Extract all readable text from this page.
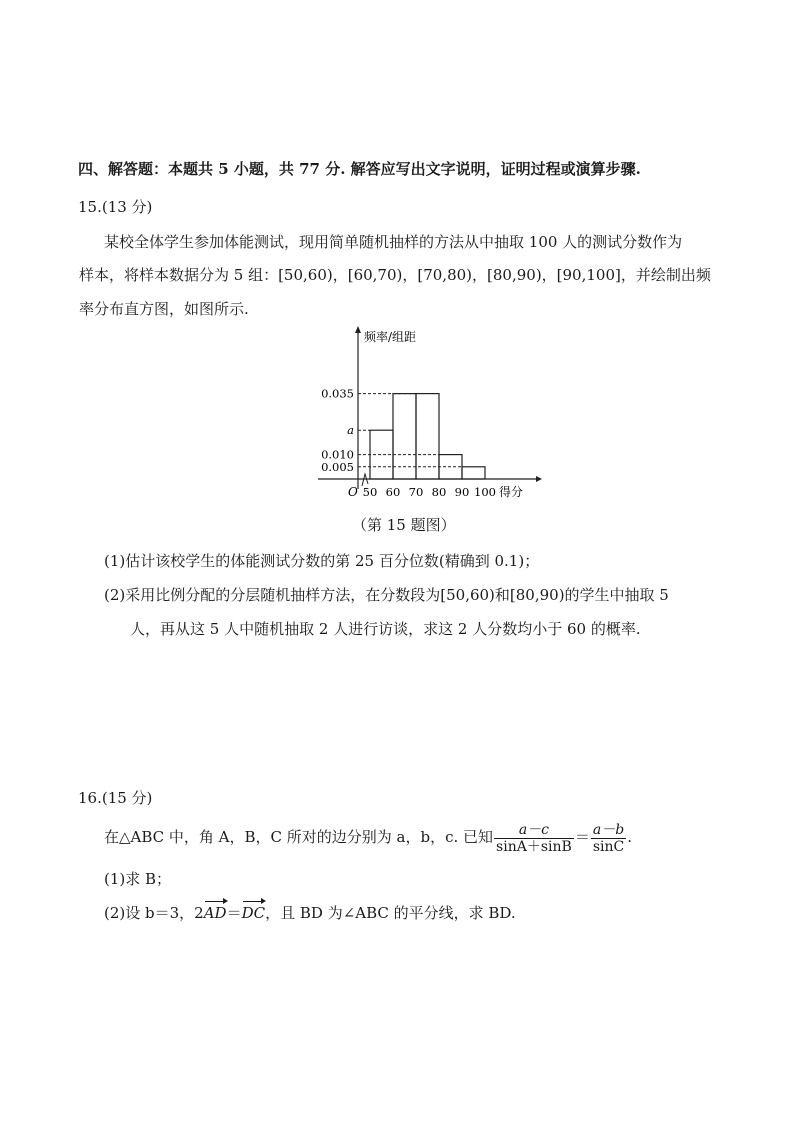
四、解答题：本题共 5 小题，共 77 分. 解答应写出文字说明，证明过程或演算步骤.
15.(13 分)
某校全体学生参加体能测试，现用简单随机抽样的方法从中抽取 100 人的测试分数作为
样本，将样本数据分为 5 组：[50,60)，[60,70)，[70,80)，[80,90)，[90,100]，并绘制出频
率分布直方图，如图所示.
频率/组距
0.035
a
0.010
0.005
O 50 60 70 80 90 100 得分
（第 15 题图）
(1)估计该校学生的体能测试分数的第 25 百分位数(精确到 0.1)；
(2)采用比例分配的分层随机抽样方法，在分数段为[50,60)和[80,90)的学生中抽取 5
人，再从这 5 人中随机抽取 2 人进行访谈，求这 2 人分数均小于 60 的概率.
16.(15 分)
在△ABC 中，角 A，B，C 所对的边分别为 a，b，c. 已知 $\frac{a-c}{\sin A+\sin B} = \frac{a-b}{\sin C}$ .
(1)求 B；
(2)设 b＝3，2AD＝DC，且 BD 为∠ABC 的平分线，求 BD.
